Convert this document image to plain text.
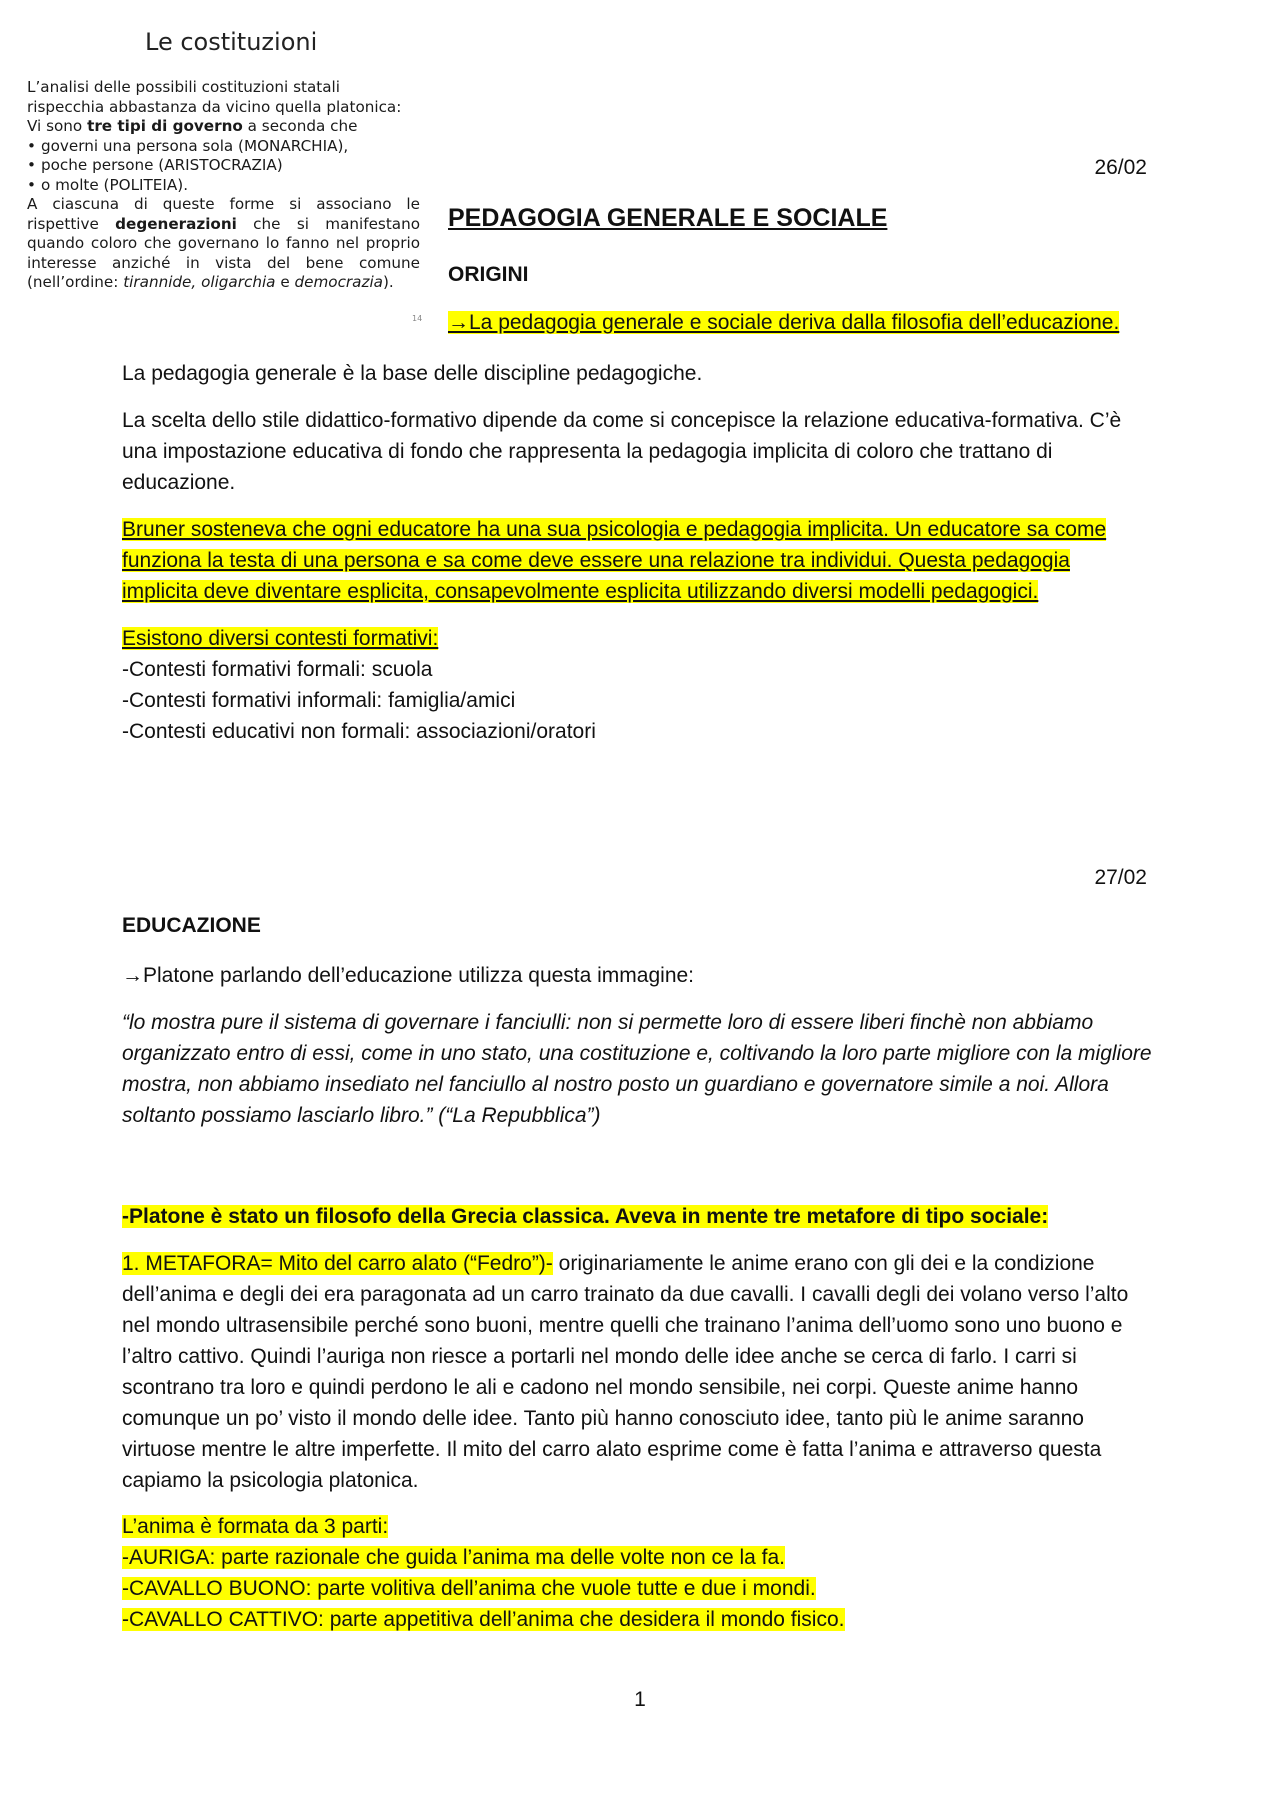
Le costituzioni
L’analisi delle possibili costituzioni statali rispecchia abbastanza da vicino quella platonica:
Vi sono tre tipi di governo a seconda che
• governi una persona sola (MONARCHIA),
• poche persone (ARISTOCRAZIA)
• o molte (POLITEIA).
A ciascuna di queste forme si associano le rispettive degenerazioni che si manifestano quando coloro che governano lo fanno nel proprio interesse anziché in vista del bene comune (nell’ordine: tirannide, oligarchia e democrazia).
14
26/02
PEDAGOGIA GENERALE E SOCIALE
ORIGINI
→La pedagogia generale e sociale deriva dalla filosofia dell’educazione.
La pedagogia generale è la base delle discipline pedagogiche.
La scelta dello stile didattico-formativo dipende da come si concepisce la relazione educativa-formativa. C’è una impostazione educativa di fondo che rappresenta la pedagogia implicita di coloro che trattano di educazione.
Bruner sosteneva che ogni educatore ha una sua psicologia e pedagogia implicita. Un educatore sa come
funziona la testa di una persona e sa come deve essere una relazione tra individui. Questa pedagogia
implicita deve diventare esplicita, consapevolmente esplicita utilizzando diversi modelli pedagogici.
Esistono diversi contesti formativi:
-Contesti formativi formali: scuola
-Contesti formativi informali: famiglia/amici
-Contesti educativi non formali: associazioni/oratori
27/02
EDUCAZIONE
→Platone parlando dell’educazione utilizza questa immagine:
“lo mostra pure il sistema di governare i fanciulli: non si permette loro di essere liberi finchè non abbiamo organizzato entro di essi, come in uno stato, una costituzione e, coltivando la loro parte migliore con la migliore mostra, non abbiamo insediato nel fanciullo al nostro posto un guardiano e governatore simile a noi. Allora soltanto possiamo lasciarlo libro.” (“La Repubblica”)
-Platone è stato un filosofo della Grecia classica. Aveva in mente tre metafore di tipo sociale:
1. METAFORA= Mito del carro alato (“Fedro”)- originariamente le anime erano con gli dei e la condizione dell’anima e degli dei era paragonata ad un carro trainato da due cavalli. I cavalli degli dei volano verso l’alto nel mondo ultrasensibile perché sono buoni, mentre quelli che trainano l’anima dell’uomo sono uno buono e l’altro cattivo. Quindi l’auriga non riesce a portarli nel mondo delle idee anche se cerca di farlo. I carri si scontrano tra loro e quindi perdono le ali e cadono nel mondo sensibile, nei corpi. Queste anime hanno comunque un po’ visto il mondo delle idee. Tanto più hanno conosciuto idee, tanto più le anime saranno virtuose mentre le altre imperfette. Il mito del carro alato esprime come è fatta l’anima e attraverso questa capiamo la psicologia platonica.
L’anima è formata da 3 parti:
-AURIGA: parte razionale che guida l’anima ma delle volte non ce la fa.
-CAVALLO BUONO: parte volitiva dell’anima che vuole tutte e due i mondi.
-CAVALLO CATTIVO: parte appetitiva dell’anima che desidera il mondo fisico.
1
